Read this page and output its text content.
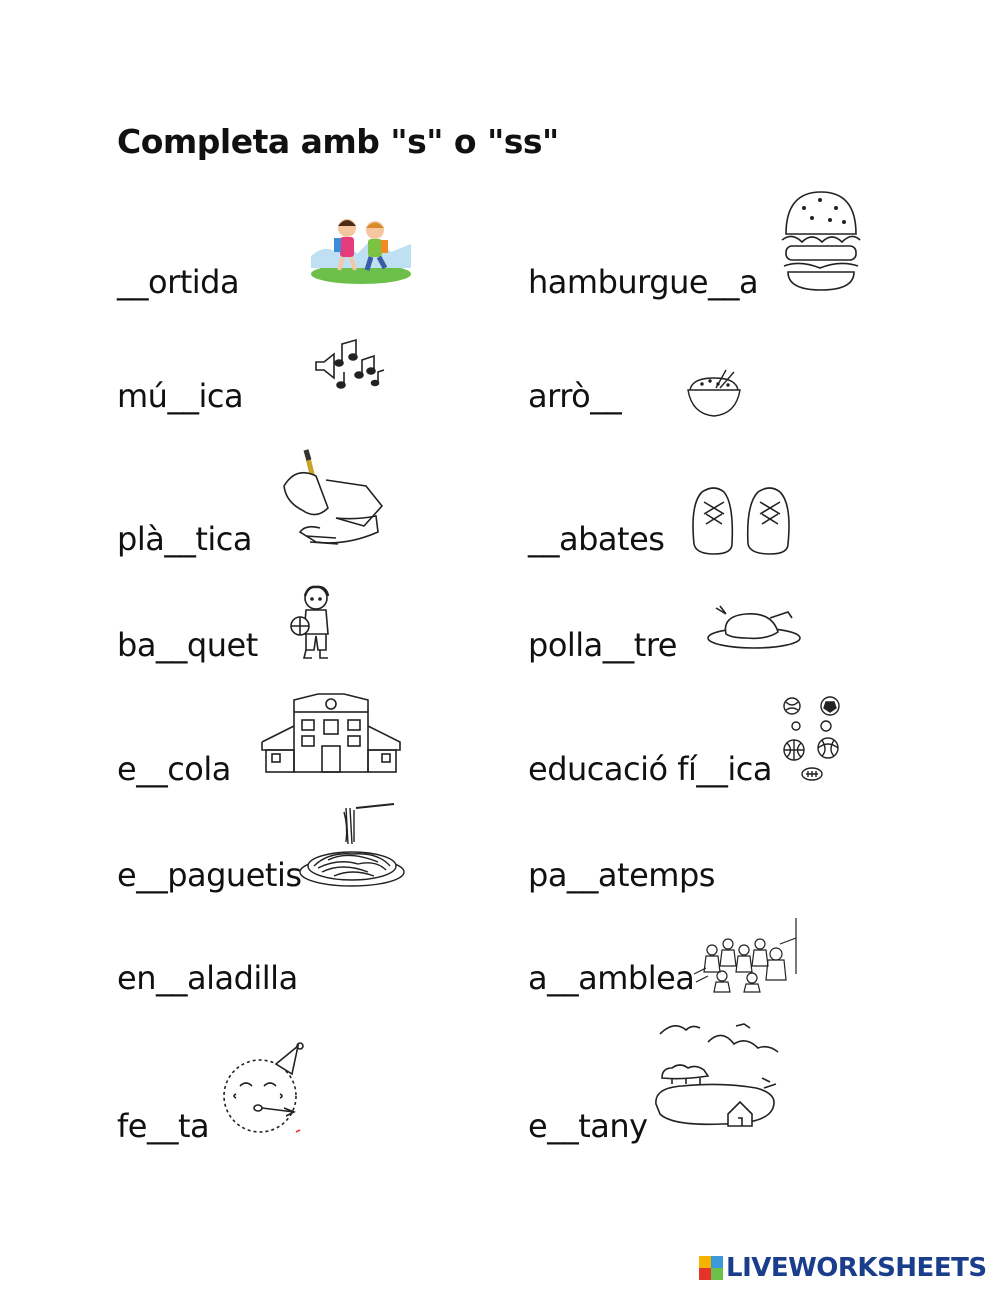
Completa amb "s" o "ss"
__ortida
mú__ica
plà__tica
ba__quet
e__cola
e__paguetis
en__aladilla
fe__ta
hamburgue__a
arrò__
__abates
polla__tre
educació fí__ica
pa__atemps
a__amblea
e__tany
LIVEWORKSHEETS
